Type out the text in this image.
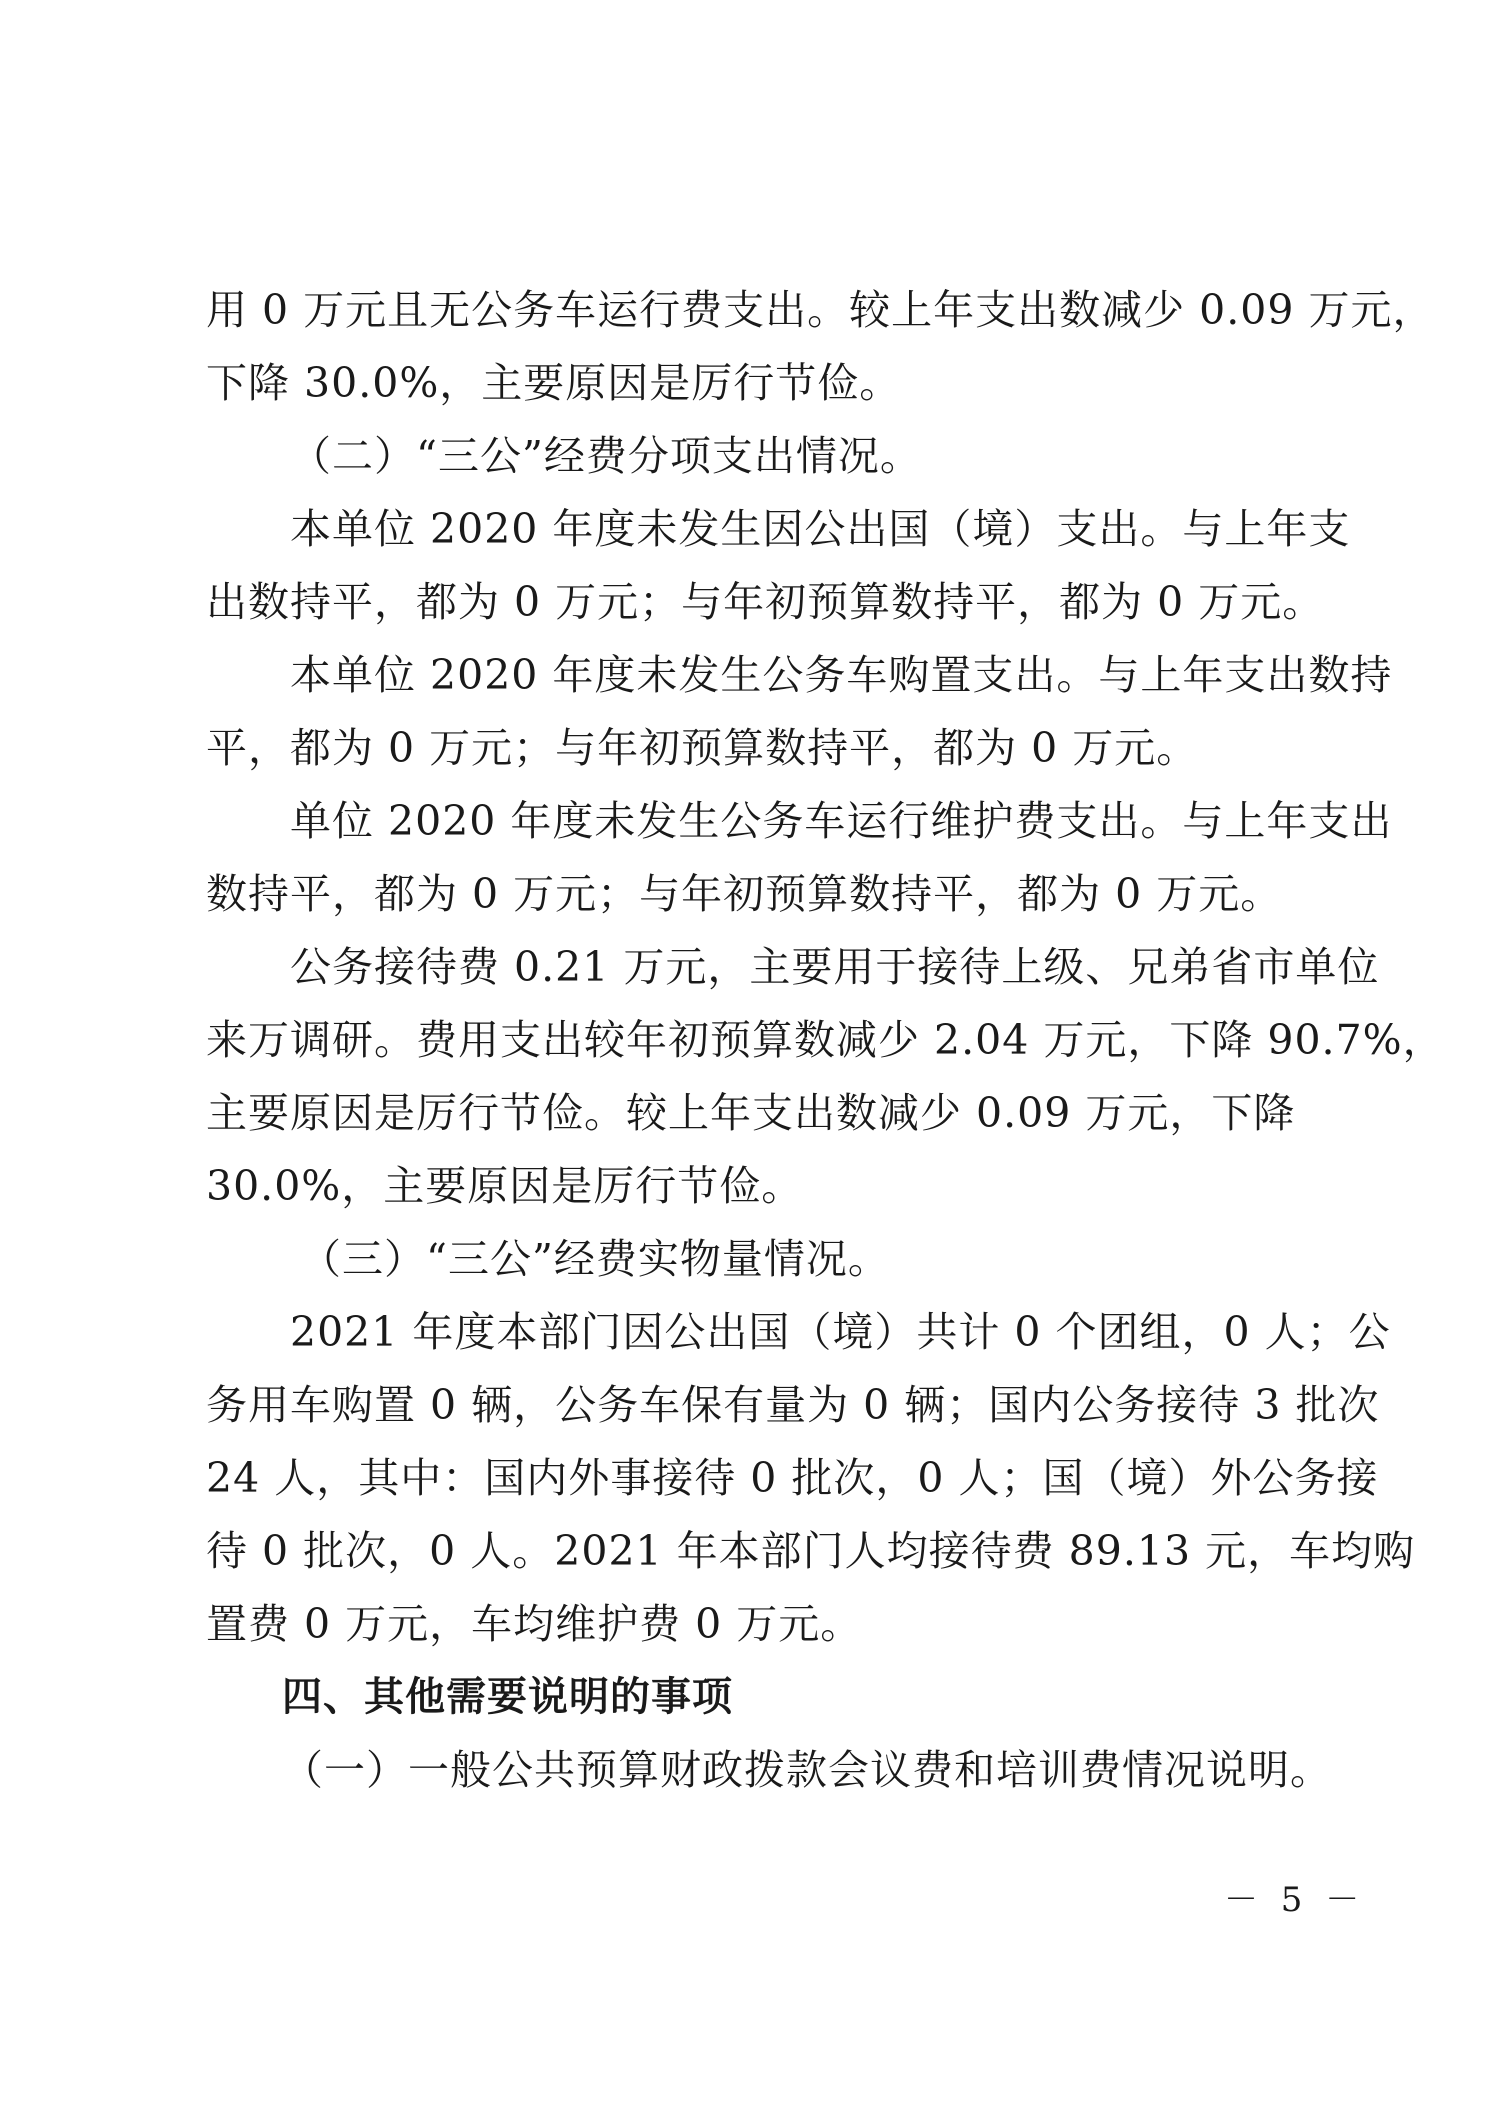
用 0 万元且无公务车运行费支出。较上年支出数减少 0.09 万元，
下降 30.0%，主要原因是厉行节俭。
（二）“三公”经费分项支出情况。
本单位 2020 年度未发生因公出国（境）支出。与上年支
出数持平，都为 0 万元；与年初预算数持平，都为 0 万元。
本单位 2020 年度未发生公务车购置支出。与上年支出数持
平，都为 0 万元；与年初预算数持平，都为 0 万元。
单位 2020 年度未发生公务车运行维护费支出。与上年支出
数持平，都为 0 万元；与年初预算数持平，都为 0 万元。
公务接待费 0.21 万元，主要用于接待上级、兄弟省市单位
来万调研。费用支出较年初预算数减少 2.04 万元，下降 90.7%，
主要原因是厉行节俭。较上年支出数减少 0.09 万元，下降
30.0%，主要原因是厉行节俭。
（三）“三公”经费实物量情况。
2021 年度本部门因公出国（境）共计 0 个团组，0 人；公
务用车购置 0 辆，公务车保有量为 0 辆；国内公务接待 3 批次
24 人，其中：国内外事接待 0 批次，0 人；国（境）外公务接
待 0 批次，0 人。2021 年本部门人均接待费 89.13 元，车均购
置费 0 万元，车均维护费 0 万元。
四、其他需要说明的事项
（一）一般公共预算财政拨款会议费和培训费情况说明。
－ 5 －
